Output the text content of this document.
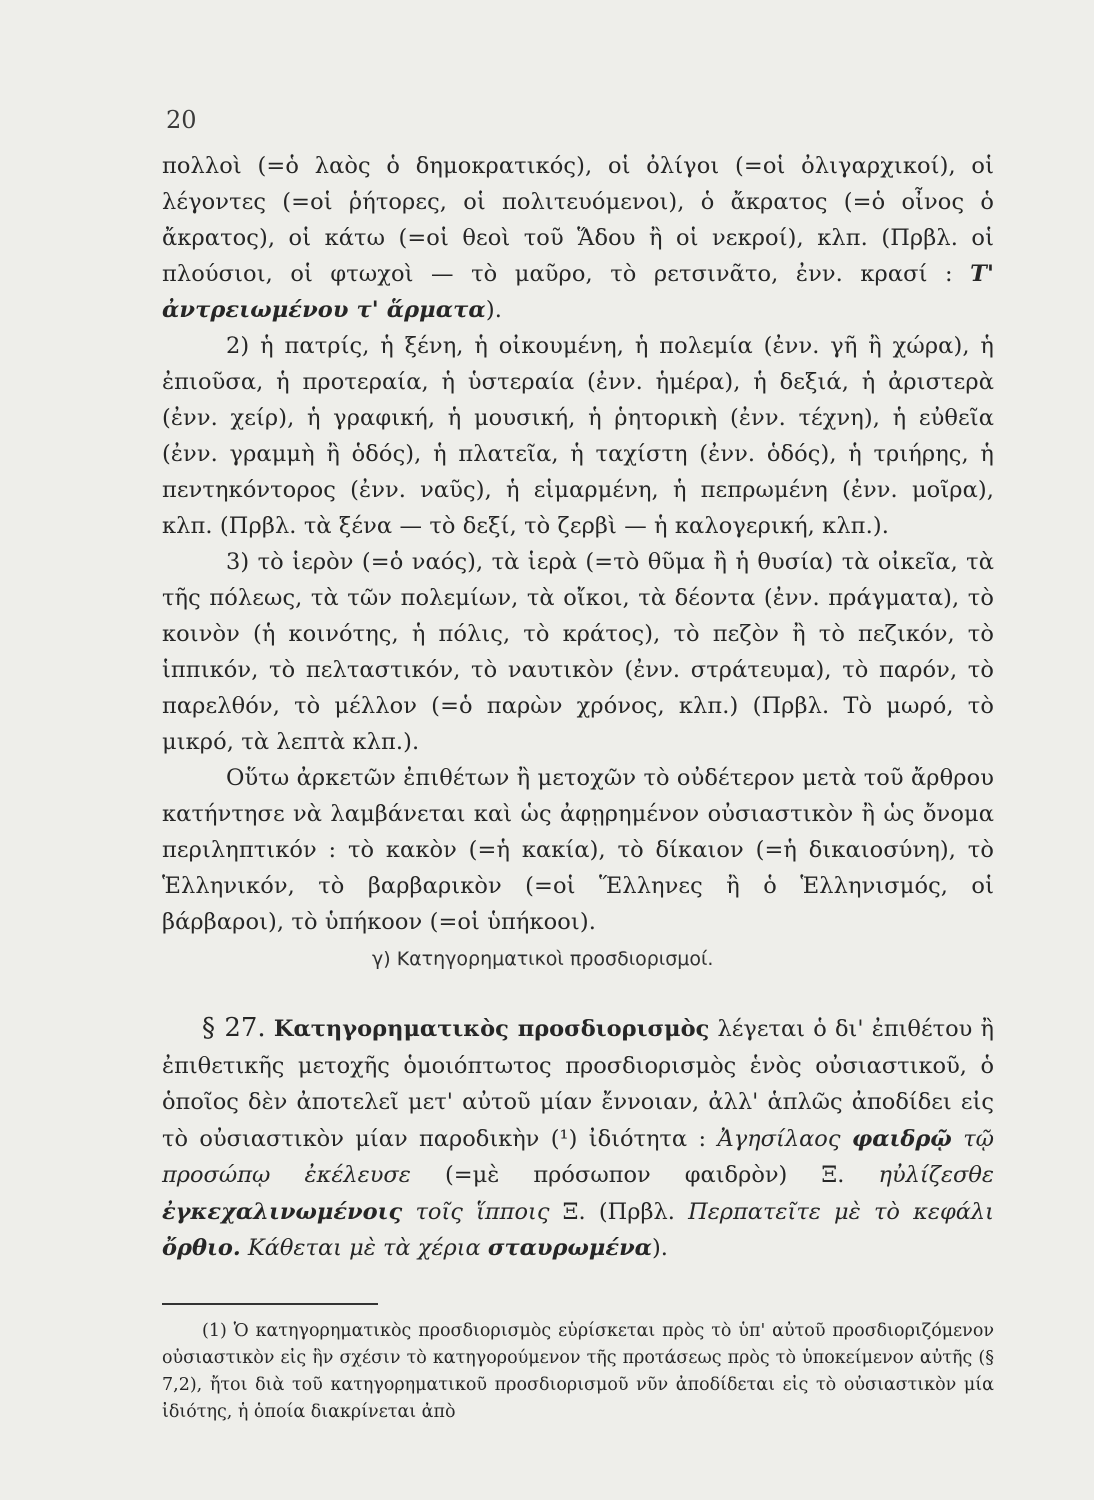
20

πολλοὶ (=ὁ λαὸς ὁ δημοκρατικός), οἱ ὀλίγοι (=οἱ ὀλιγαρχικοί), οἱ λέγοντες (=οἱ ῥήτορες, οἱ πολιτευόμενοι), ὁ ἄκρατος (=ὁ οἶνος ὁ ἄκρατος), οἱ κάτω (=οἱ θεοὶ τοῦ Ἅδου ἢ οἱ νεκροί), κλπ. (Πρβλ. οἱ πλούσιοι, οἱ φτωχοὶ — τὸ μαῦρο, τὸ ρετσινᾶτο, ἐνν. κρασί : Τ' ἀντρειωμένου τ' ἅρματα).

2) ἡ πατρίς, ἡ ξένη, ἡ οἰκουμένη, ἡ πολεμία (ἐνν. γῆ ἢ χώρα), ἡ ἐπιοῦσα, ἡ προτεραία, ἡ ὑστεραία (ἐνν. ἡμέρα), ἡ δεξιά, ἡ ἀριστερὰ (ἐνν. χείρ), ἡ γραφική, ἡ μουσική, ἡ ῥητορικὴ (ἐνν. τέχνη), ἡ εὐθεῖα (ἐνν. γραμμὴ ἢ ὁδός), ἡ πλατεῖα, ἡ ταχίστη (ἐνν. ὁδός), ἡ τριήρης, ἡ πεντηκόντορος (ἐνν. ναῦς), ἡ εἱμαρμένη, ἡ πεπρωμένη (ἐνν. μοῖρα), κλπ. (Πρβλ. τὰ ξένα — τὸ δεξί, τὸ ζερβὶ — ἡ καλογερική, κλπ.).

3) τὸ ἱερὸν (=ὁ ναός), τὰ ἱερὰ (=τὸ θῦμα ἢ ἡ θυσία) τὰ οἰκεῖα, τὰ τῆς πόλεως, τὰ τῶν πολεμίων, τὰ οἴκοι, τὰ δέοντα (ἐνν. πράγματα), τὸ κοινὸν (ἡ κοινότης, ἡ πόλις, τὸ κράτος), τὸ πεζὸν ἢ τὸ πεζικόν, τὸ ἱππικόν, τὸ πελταστικόν, τὸ ναυτικὸν (ἐνν. στράτευμα), τὸ παρόν, τὸ παρελθόν, τὸ μέλλον (=ὁ παρὼν χρόνος, κλπ.) (Πρβλ. Τὸ μωρό, τὸ μικρό, τὰ λεπτὰ κλπ.).

Οὕτω ἀρκετῶν ἐπιθέτων ἢ μετοχῶν τὸ οὐδέτερον μετὰ τοῦ ἄρθρου κατήντησε νὰ λαμβάνεται καὶ ὡς ἀφῃρημένον οὐσιαστικὸν ἢ ὡς ὄνομα περιληπτικόν : τὸ κακὸν (=ἡ κακία), τὸ δίκαιον (=ἡ δικαιοσύνη), τὸ Ἑλληνικόν, τὸ βαρβαρικὸν (=οἱ Ἕλληνες ἢ ὁ Ἑλληνισμός, οἱ βάρβαροι), τὸ ὑπήκοον (=οἱ ὑπήκοοι).

γ) Κατηγορηματικοὶ προσδιορισμοί.

§ 27. Κατηγορηματικὸς προσδιορισμὸς λέγεται ὁ δι' ἐπιθέτου ἢ ἐπιθετικῆς μετοχῆς ὁμοιόπτωτος προσδιορισμὸς ἑνὸς οὐσιαστικοῦ, ὁ ὁποῖος δὲν ἀποτελεῖ μετ' αὐτοῦ μίαν ἔννοιαν, ἀλλ' ἁπλῶς ἀποδίδει εἰς τὸ οὐσιαστικὸν μίαν παροδικὴν (¹) ἰδιότητα : Ἀγησίλαος φαιδρῷ τῷ προσώπῳ ἐκέλευσε (=μὲ πρόσωπον φαιδρὸν) Ξ. ηὐλίζεσθε ἐγκεχαλινωμένοις τοῖς ἵπποις Ξ. (Πρβλ. Περπατεῖτε μὲ τὸ κεφάλι ὄρθιο. Κάθεται μὲ τὰ χέρια σταυρωμένα).

(1) Ὁ κατηγορηματικὸς προσδιορισμὸς εὑρίσκεται πρὸς τὸ ὑπ' αὐτοῦ προσδιοριζόμενον οὐσιαστικὸν εἰς ἣν σχέσιν τὸ κατηγορούμενον τῆς προτάσεως πρὸς τὸ ὑποκείμενον αὐτῆς (§ 7,2), ἤτοι διὰ τοῦ κατηγορηματικοῦ προσδιορισμοῦ νῦν ἀποδίδεται εἰς τὸ οὐσιαστικὸν μία ἰδιότης, ἡ ὁποία διακρίνεται ἀπὸ
